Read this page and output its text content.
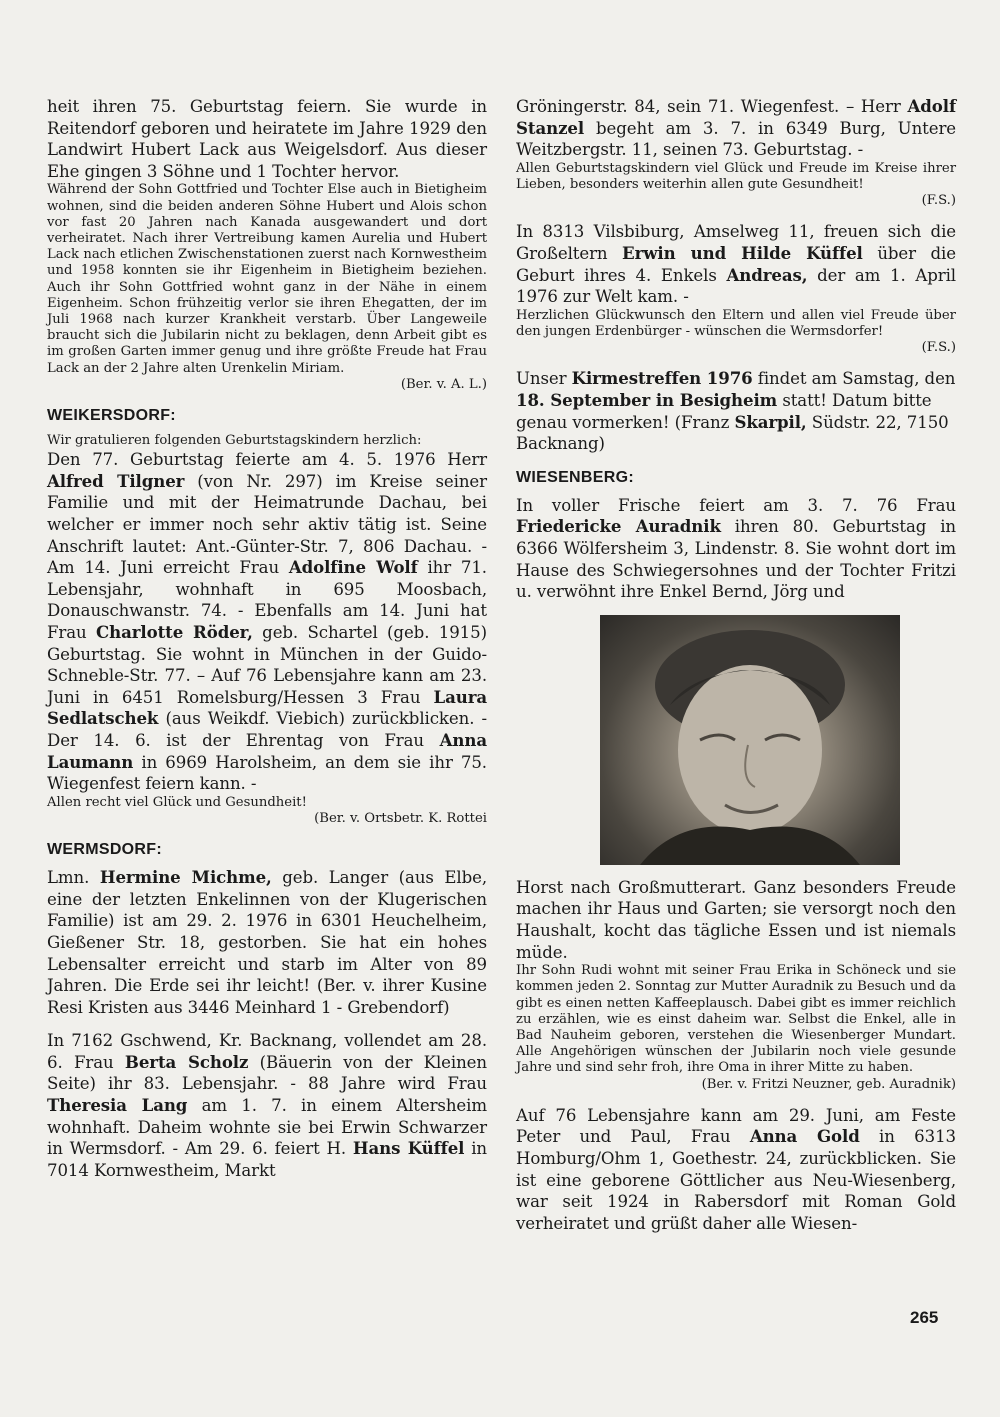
heit ihren 75. Geburtstag feiern. Sie wurde in Reitendorf geboren und heiratete im Jahre 1929 den Landwirt Hubert Lack aus Weigelsdorf. Aus dieser Ehe gingen 3 Söhne und 1 Tochter hervor.

Während der Sohn Gottfried und Tochter Else auch in Bietigheim wohnen, sind die beiden anderen Söhne Hubert und Alois schon vor fast 20 Jahren nach Kanada ausgewandert und dort verheiratet. Nach ihrer Vertreibung kamen Aurelia und Hubert Lack nach etlichen Zwischenstationen zuerst nach Kornwestheim und 1958 konnten sie ihr Eigenheim in Bietigheim beziehen. Auch ihr Sohn Gottfried wohnt ganz in der Nähe in einem Eigenheim. Schon frühzeitig verlor sie ihren Ehegatten, der im Juli 1968 nach kurzer Krankheit verstarb. Über Langeweile braucht sich die Jubilarin nicht zu beklagen, denn Arbeit gibt es im großen Garten immer genug und ihre größte Freude hat Frau Lack an der 2 Jahre alten Urenkelin Miriam.

(Ber. v. A. L.)

WEIKERSDORF:

Wir gratulieren folgenden Geburtstagskindern herzlich:

Den 77. Geburtstag feierte am 4. 5. 1976 Herr Alfred Tilgner (von Nr. 297) im Kreise seiner Familie und mit der Heimatrunde Dachau, bei welcher er immer noch sehr aktiv tätig ist. Seine Anschrift lautet: Ant.-Günter-Str. 7, 806 Dachau. - Am 14. Juni erreicht Frau Adolfine Wolf ihr 71. Lebensjahr, wohnhaft in 695 Moosbach, Donauschwanstr. 74. - Ebenfalls am 14. Juni hat Frau Charlotte Röder, geb. Schartel (geb. 1915) Geburtstag. Sie wohnt in München in der Guido-Schneble-Str. 77. – Auf 76 Lebensjahre kann am 23. Juni in 6451 Romelsburg/Hessen 3 Frau Laura Sedlatschek (aus Weikdf. Viebich) zurückblicken. - Der 14. 6. ist der Ehrentag von Frau Anna Laumann in 6969 Harolsheim, an dem sie ihr 75. Wiegenfest feiern kann. -

Allen recht viel Glück und Gesundheit!

(Ber. v. Ortsbetr. K. Rottei

WERMSDORF:

Lmn. Hermine Michme, geb. Langer (aus Elbe, eine der letzten Enkelinnen von der Klugerischen Familie) ist am 29. 2. 1976 in 6301 Heuchelheim, Gießener Str. 18, gestorben. Sie hat ein hohes Lebensalter erreicht und starb im Alter von 89 Jahren. Die Erde sei ihr leicht! (Ber. v. ihrer Kusine Resi Kristen aus 3446 Meinhard 1 - Grebendorf)

In 7162 Gschwend, Kr. Backnang, vollendet am 28. 6. Frau Berta Scholz (Bäuerin von der Kleinen Seite) ihr 83. Lebensjahr. - 88 Jahre wird Frau Theresia Lang am 1. 7. in einem Altersheim wohnhaft. Daheim wohnte sie bei Erwin Schwarzer in Wermsdorf. - Am 29. 6. feiert H. Hans Küffel in 7014 Kornwestheim, Markt

Gröningerstr. 84, sein 71. Wiegenfest. – Herr Adolf Stanzel begeht am 3. 7. in 6349 Burg, Untere Weitzbergstr. 11, seinen 73. Geburtstag. -

Allen Geburtstagskindern viel Glück und Freude im Kreise ihrer Lieben, besonders weiterhin allen gute Gesundheit!

(F.S.)

In 8313 Vilsbiburg, Amselweg 11, freuen sich die Großeltern Erwin und Hilde Küffel über die Geburt ihres 4. Enkels Andreas, der am 1. April 1976 zur Welt kam. -

Herzlichen Glückwunsch den Eltern und allen viel Freude über den jungen Erdenbürger - wünschen die Wermsdorfer!

(F.S.)

Unser Kirmestreffen 1976 findet am Samstag, den 18. September in Besigheim statt! Datum bitte genau vormerken! (Franz Skarpil, Südstr. 22, 7150 Backnang)

WIESENBERG:

In voller Frische feiert am 3. 7. 76 Frau Friedericke Auradnik ihren 80. Geburtstag in 6366 Wölfersheim 3, Lindenstr. 8. Sie wohnt dort im Hause des Schwiegersohnes und der Tochter Fritzi u. verwöhnt ihre Enkel Bernd, Jörg und

Horst nach Großmutterart. Ganz besonders Freude machen ihr Haus und Garten; sie versorgt noch den Haushalt, kocht das tägliche Essen und ist niemals müde.

Ihr Sohn Rudi wohnt mit seiner Frau Erika in Schöneck und sie kommen jeden 2. Sonntag zur Mutter Auradnik zu Besuch und da gibt es einen netten Kaffeeplausch. Dabei gibt es immer reichlich zu erzählen, wie es einst daheim war. Selbst die Enkel, alle in Bad Nauheim geboren, verstehen die Wiesenberger Mundart. Alle Angehörigen wünschen der Jubilarin noch viele gesunde Jahre und sind sehr froh, ihre Oma in ihrer Mitte zu haben.

(Ber. v. Fritzi Neuzner, geb. Auradnik)

Auf 76 Lebensjahre kann am 29. Juni, am Feste Peter und Paul, Frau Anna Gold in 6313 Homburg/Ohm 1, Goethestr. 24, zurückblicken. Sie ist eine geborene Göttlicher aus Neu-Wiesenberg, war seit 1924 in Rabersdorf mit Roman Gold verheiratet und grüßt daher alle Wiesen-

265
